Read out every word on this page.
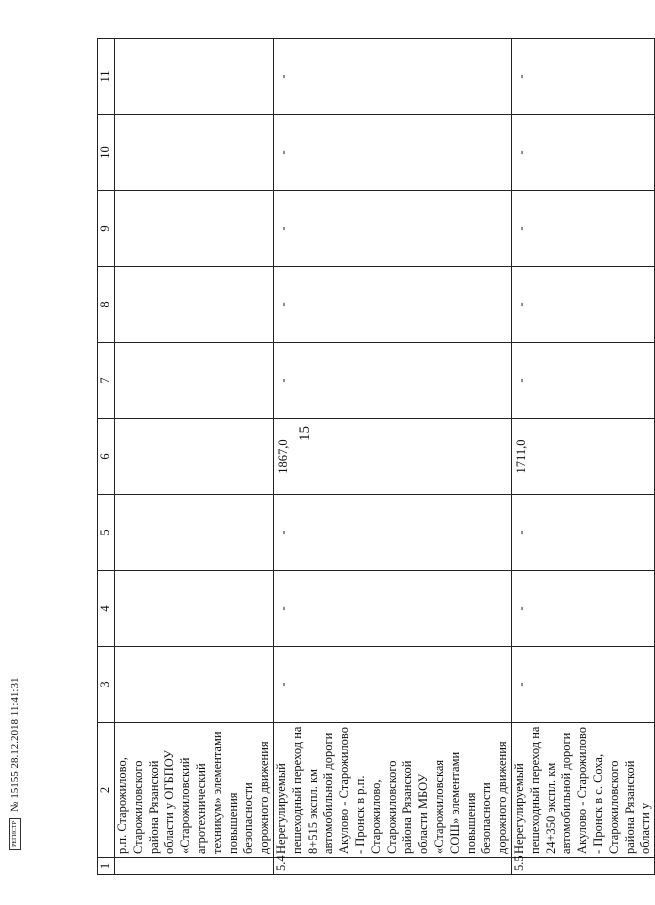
15
1	2	3	4	5	6	7	8	9	10	11
	р.п. Старожилово, Старожиловского района Рязанской области у ОГБПОУ «Старожиловский агротехнический техникум» элементами повышения безопасности дорожного движения									
5.4	Нерегулируемый пешеходный переход на 8+515 экспл. км автомобильной дороги Акулово - Старожилово - Пронск в р.п. Старожилово, Старожиловского района Рязанской области МБОУ «Старожиловская СОШ» элементами повышения безопасности дорожного движения	-	-	-	1867,0	-	-	-	-	-
5.5	Нерегулируемый пешеходный переход на 24+350 экспл. км автомобильной дороги Акулово - Старожилово - Пронск в с. Соха, Старожиловского района Рязанской области у	-	-	-	1711,0	-	-	-	-	-
РЕГИСТР№ 15155 28.12.2018 11:41:31
